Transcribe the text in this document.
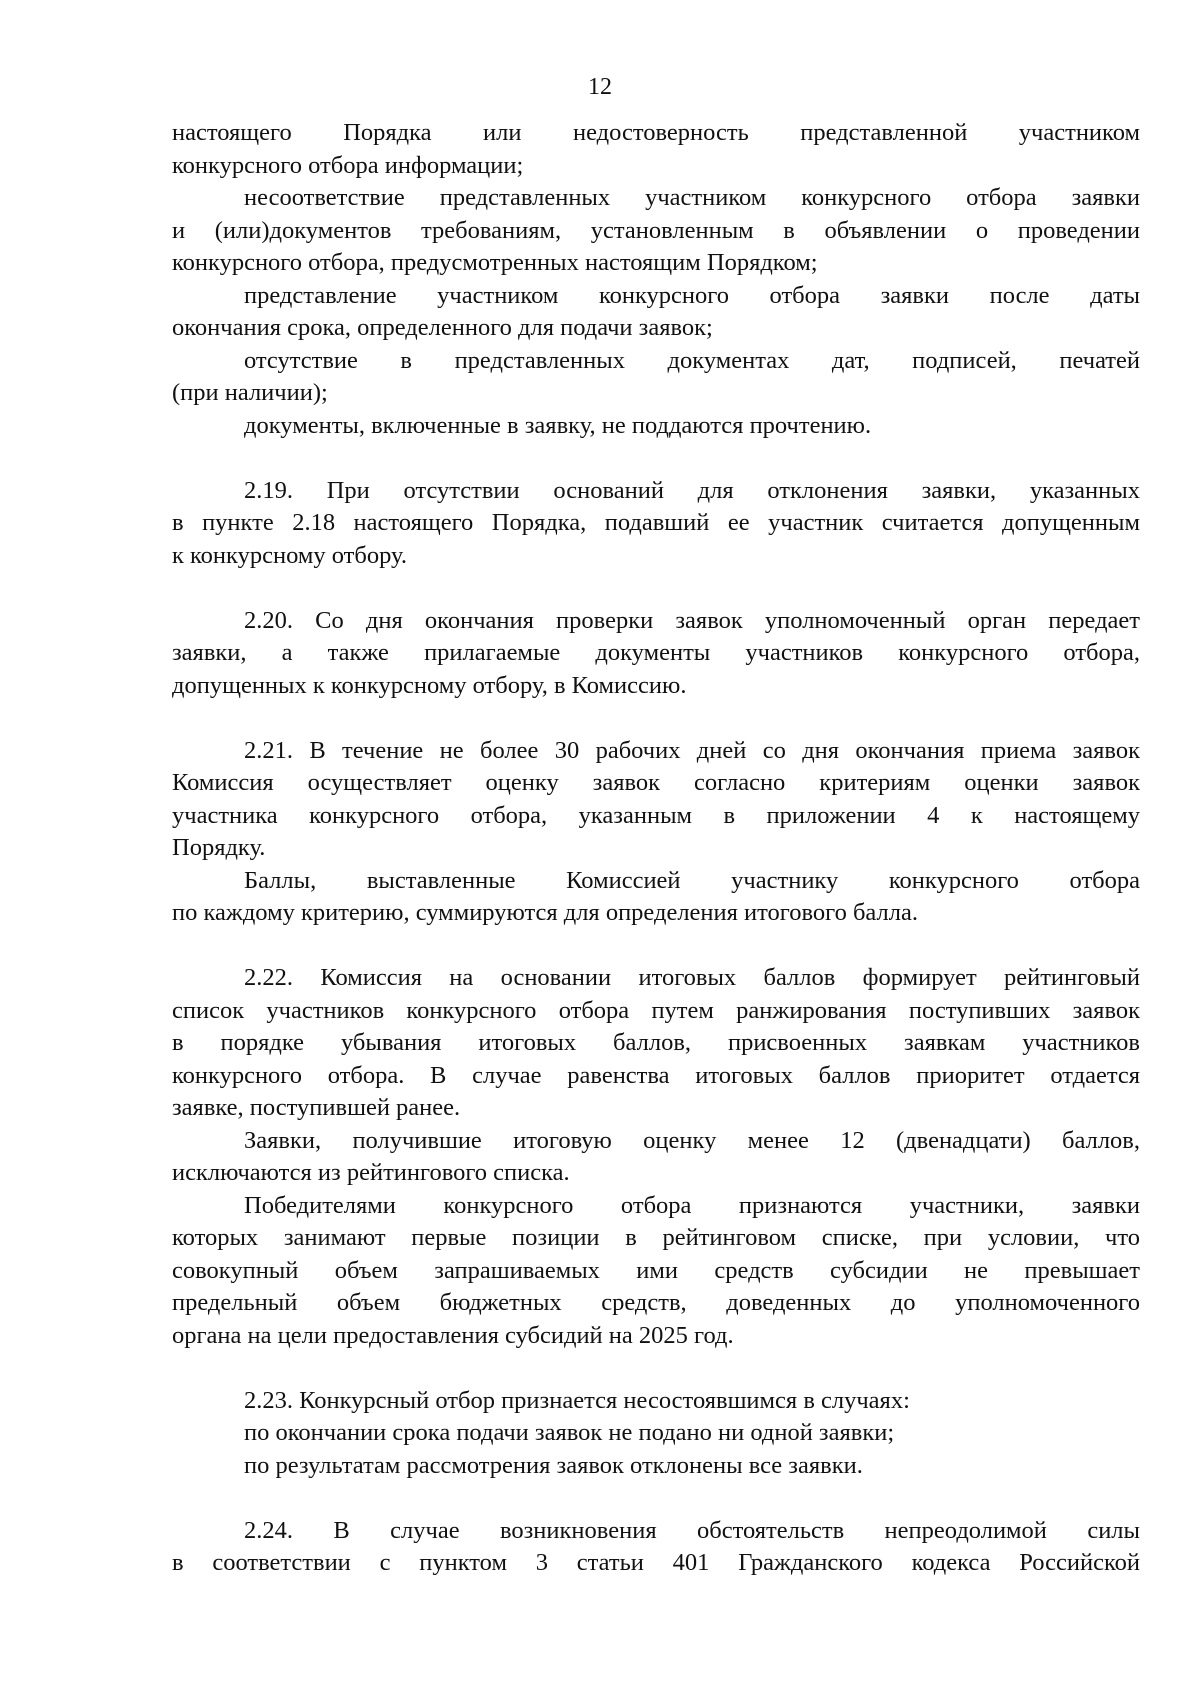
12
настоящего Порядка или недостоверность представленной участником
конкурсного отбора информации;
несоответствие представленных участником конкурсного отбора заявки
и (или)документов требованиям, установленным в объявлении о проведении
конкурсного отбора, предусмотренных настоящим Порядком;
представление участником конкурсного отбора заявки после даты
окончания срока, определенного для подачи заявок;
отсутствие в представленных документах дат, подписей, печатей
(при наличии);
документы, включенные в заявку, не поддаются прочтению.
2.19. При отсутствии оснований для отклонения заявки, указанных
в пункте 2.18 настоящего Порядка, подавший ее участник считается допущенным
к конкурсному отбору.
2.20. Со дня окончания проверки заявок уполномоченный орган передает
заявки, а также прилагаемые документы участников конкурсного отбора,
допущенных к конкурсному отбору, в Комиссию.
2.21. В течение не более 30 рабочих дней со дня окончания приема заявок
Комиссия осуществляет оценку заявок согласно критериям оценки заявок
участника конкурсного отбора, указанным в приложении 4 к настоящему
Порядку.
Баллы, выставленные Комиссией участнику конкурсного отбора
по каждому критерию, суммируются для определения итогового балла.
2.22. Комиссия на основании итоговых баллов формирует рейтинговый
список участников конкурсного отбора путем ранжирования поступивших заявок
в порядке убывания итоговых баллов, присвоенных заявкам участников
конкурсного отбора. В случае равенства итоговых баллов приоритет отдается
заявке, поступившей ранее.
Заявки, получившие итоговую оценку менее 12 (двенадцати) баллов,
исключаются из рейтингового списка.
Победителями конкурсного отбора признаются участники, заявки
которых занимают первые позиции в рейтинговом списке, при условии, что
совокупный объем запрашиваемых ими средств субсидии не превышает
предельный объем бюджетных средств, доведенных до уполномоченного
органа на цели предоставления субсидий на 2025 год.
2.23. Конкурсный отбор признается несостоявшимся в случаях:
по окончании срока подачи заявок не подано ни одной заявки;
по результатам рассмотрения заявок отклонены все заявки.
2.24. В случае возникновения обстоятельств непреодолимой силы
в соответствии с пунктом 3 статьи 401 Гражданского кодекса Российской
